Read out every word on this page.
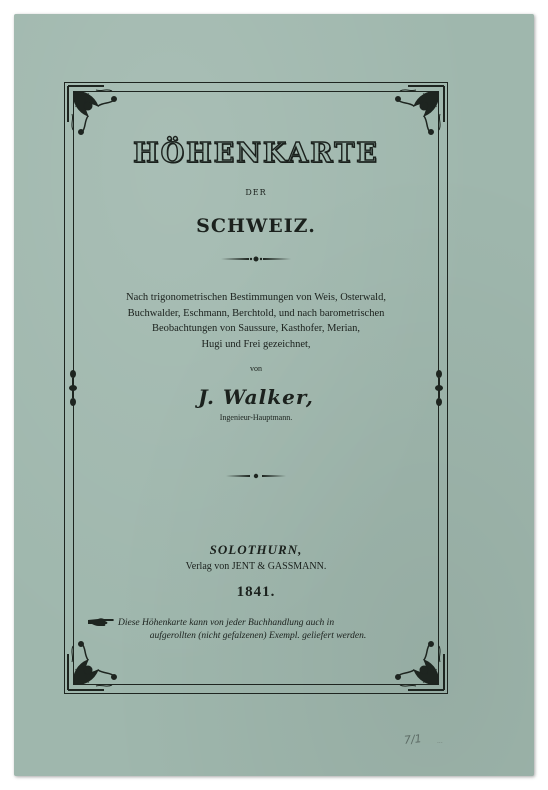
HÖHENKARTE
DER
SCHWEIZ.
Nach trigonometrischen Bestimmungen von Weis, Osterwald,
Buchwalder, Eschmann, Berchtold, und nach barometrischen
Beobachtungen von Saussure, Kasthofer, Merian,
Hugi und Frei gezeichnet,
von
J. Walker,
Ingenieur-Hauptmann.
SOLOTHURN,
Verlag von JENT & GASSMANN.
1841.
Diese Höhenkarte kann von jeder Buchhandlung auch in
aufgerollten (nicht gefalzenen) Exempl. geliefert werden.
7/1 ...
